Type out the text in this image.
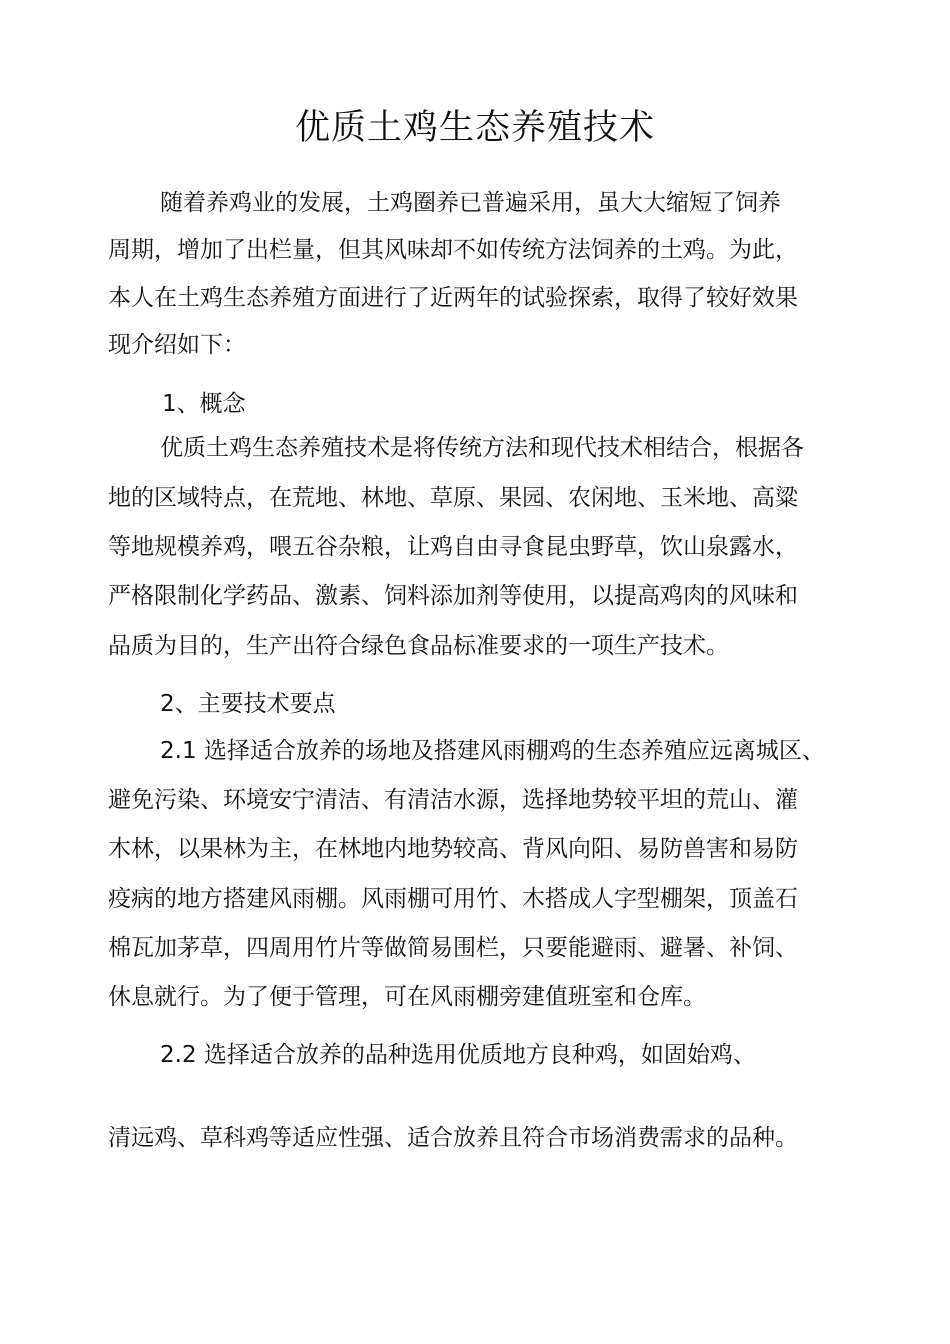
优质土鸡生态养殖技术

随着养鸡业的发展，土鸡圈养已普遍采用，虽大大缩短了饲养

周期，增加了出栏量，但其风味却不如传统方法饲养的土鸡。为此，

本人在土鸡生态养殖方面进行了近两年的试验探索，取得了较好效果

现介绍如下：

1、概念

优质土鸡生态养殖技术是将传统方法和现代技术相结合，根据各

地的区域特点，在荒地、林地、草原、果园、农闲地、玉米地、高粱

等地规模养鸡，喂五谷杂粮，让鸡自由寻食昆虫野草，饮山泉露水，

严格限制化学药品、激素、饲料添加剂等使用，以提高鸡肉的风味和

品质为目的，生产出符合绿色食品标准要求的一项生产技术。

2、主要技术要点

2.1 选择适合放养的场地及搭建风雨棚鸡的生态养殖应远离城区、

避免污染、环境安宁清洁、有清洁水源，选择地势较平坦的荒山、灌

木林，以果林为主，在林地内地势较高、背风向阳、易防兽害和易防

疫病的地方搭建风雨棚。风雨棚可用竹、木搭成人字型棚架，顶盖石

棉瓦加茅草，四周用竹片等做简易围栏，只要能避雨、避暑、补饲、

休息就行。为了便于管理，可在风雨棚旁建值班室和仓库。

2.2 选择适合放养的品种选用优质地方良种鸡，如固始鸡、

清远鸡、草科鸡等适应性强、适合放养且符合市场消费需求的品种。
